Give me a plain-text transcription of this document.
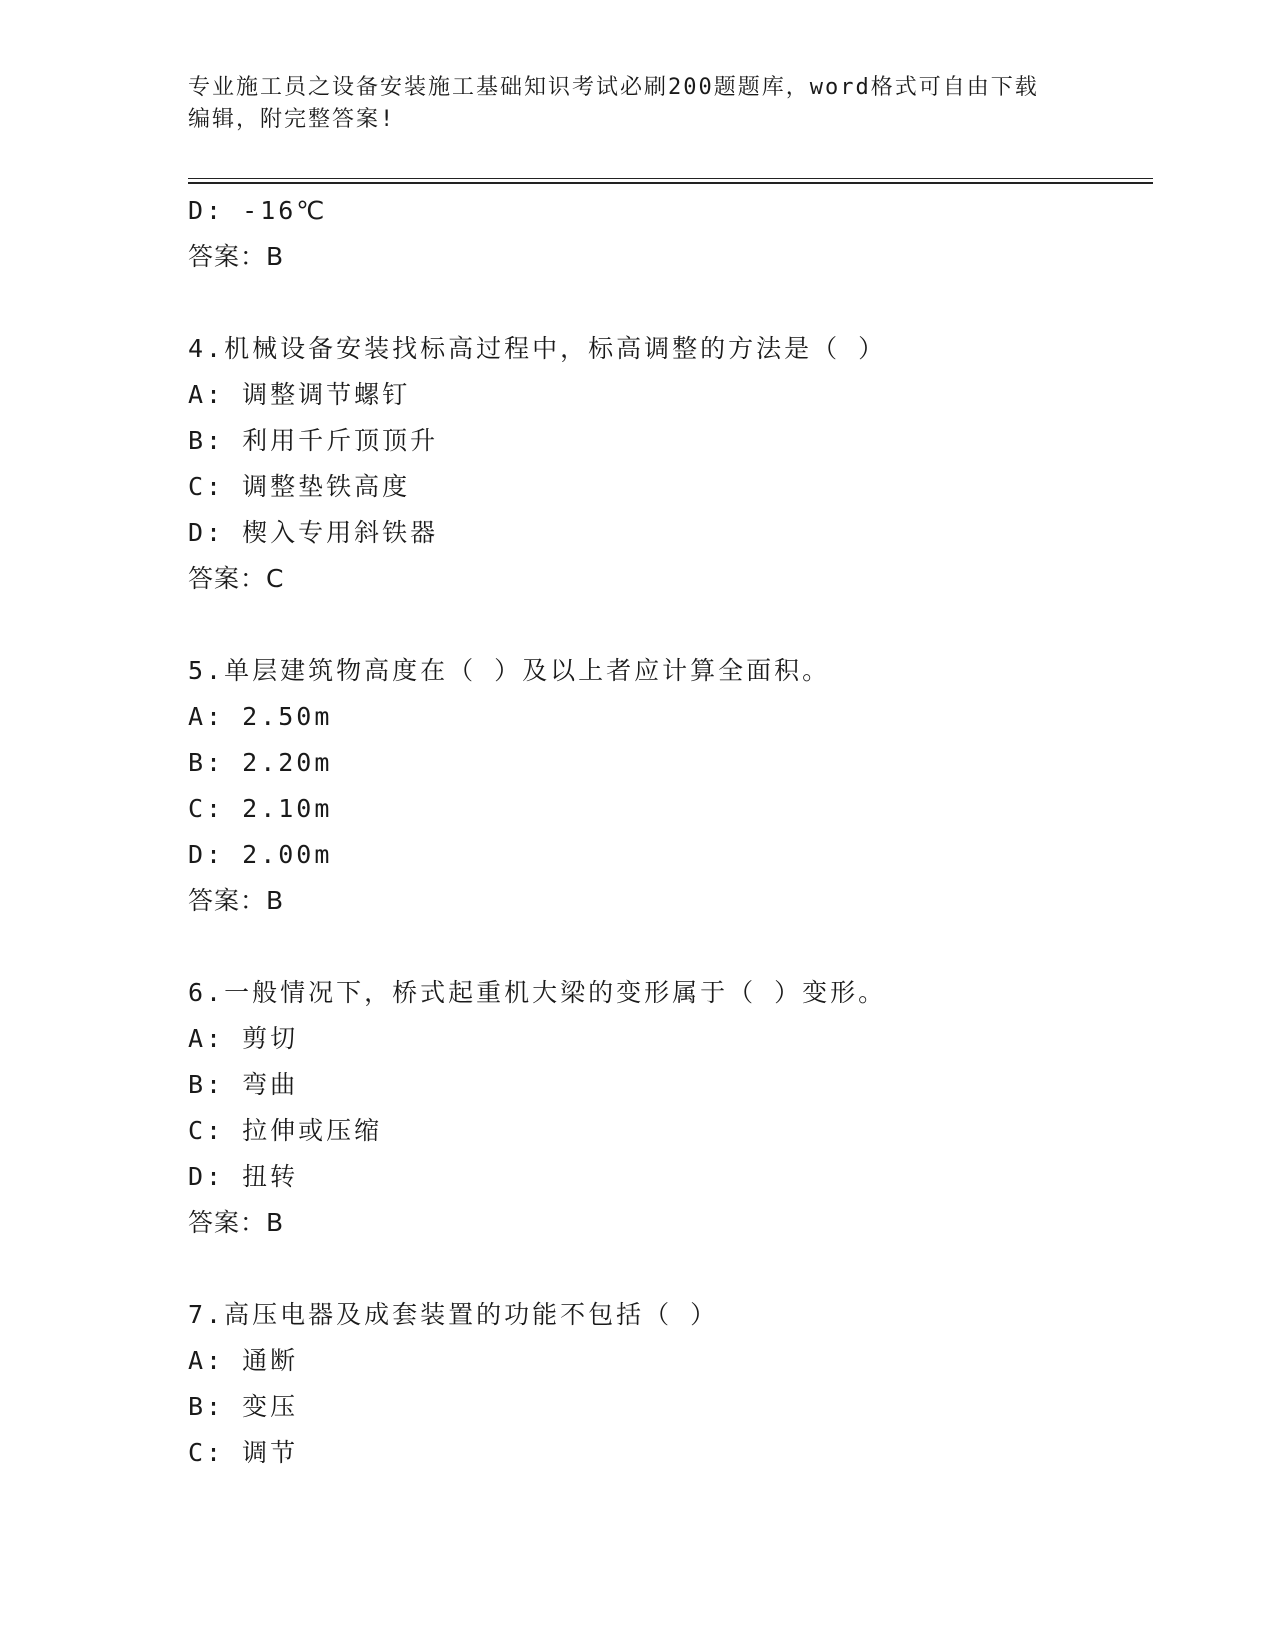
专业施工员之设备安装施工基础知识考试必刷200题题库，word格式可自由下载
编辑，附完整答案!
D: -16℃
答案：B
4.机械设备安装找标高过程中，标高调整的方法是（ ）
A: 调整调节螺钉
B: 利用千斤顶顶升
C: 调整垫铁高度
D: 楔入专用斜铁器
答案：C
5.单层建筑物高度在（ ）及以上者应计算全面积。
A: 2.50m
B: 2.20m
C: 2.10m
D: 2.00m
答案：B
6.一般情况下，桥式起重机大梁的变形属于（ ）变形。
A: 剪切
B: 弯曲
C: 拉伸或压缩
D: 扭转
答案：B
7.高压电器及成套装置的功能不包括（ ）
A: 通断
B: 变压
C: 调节
